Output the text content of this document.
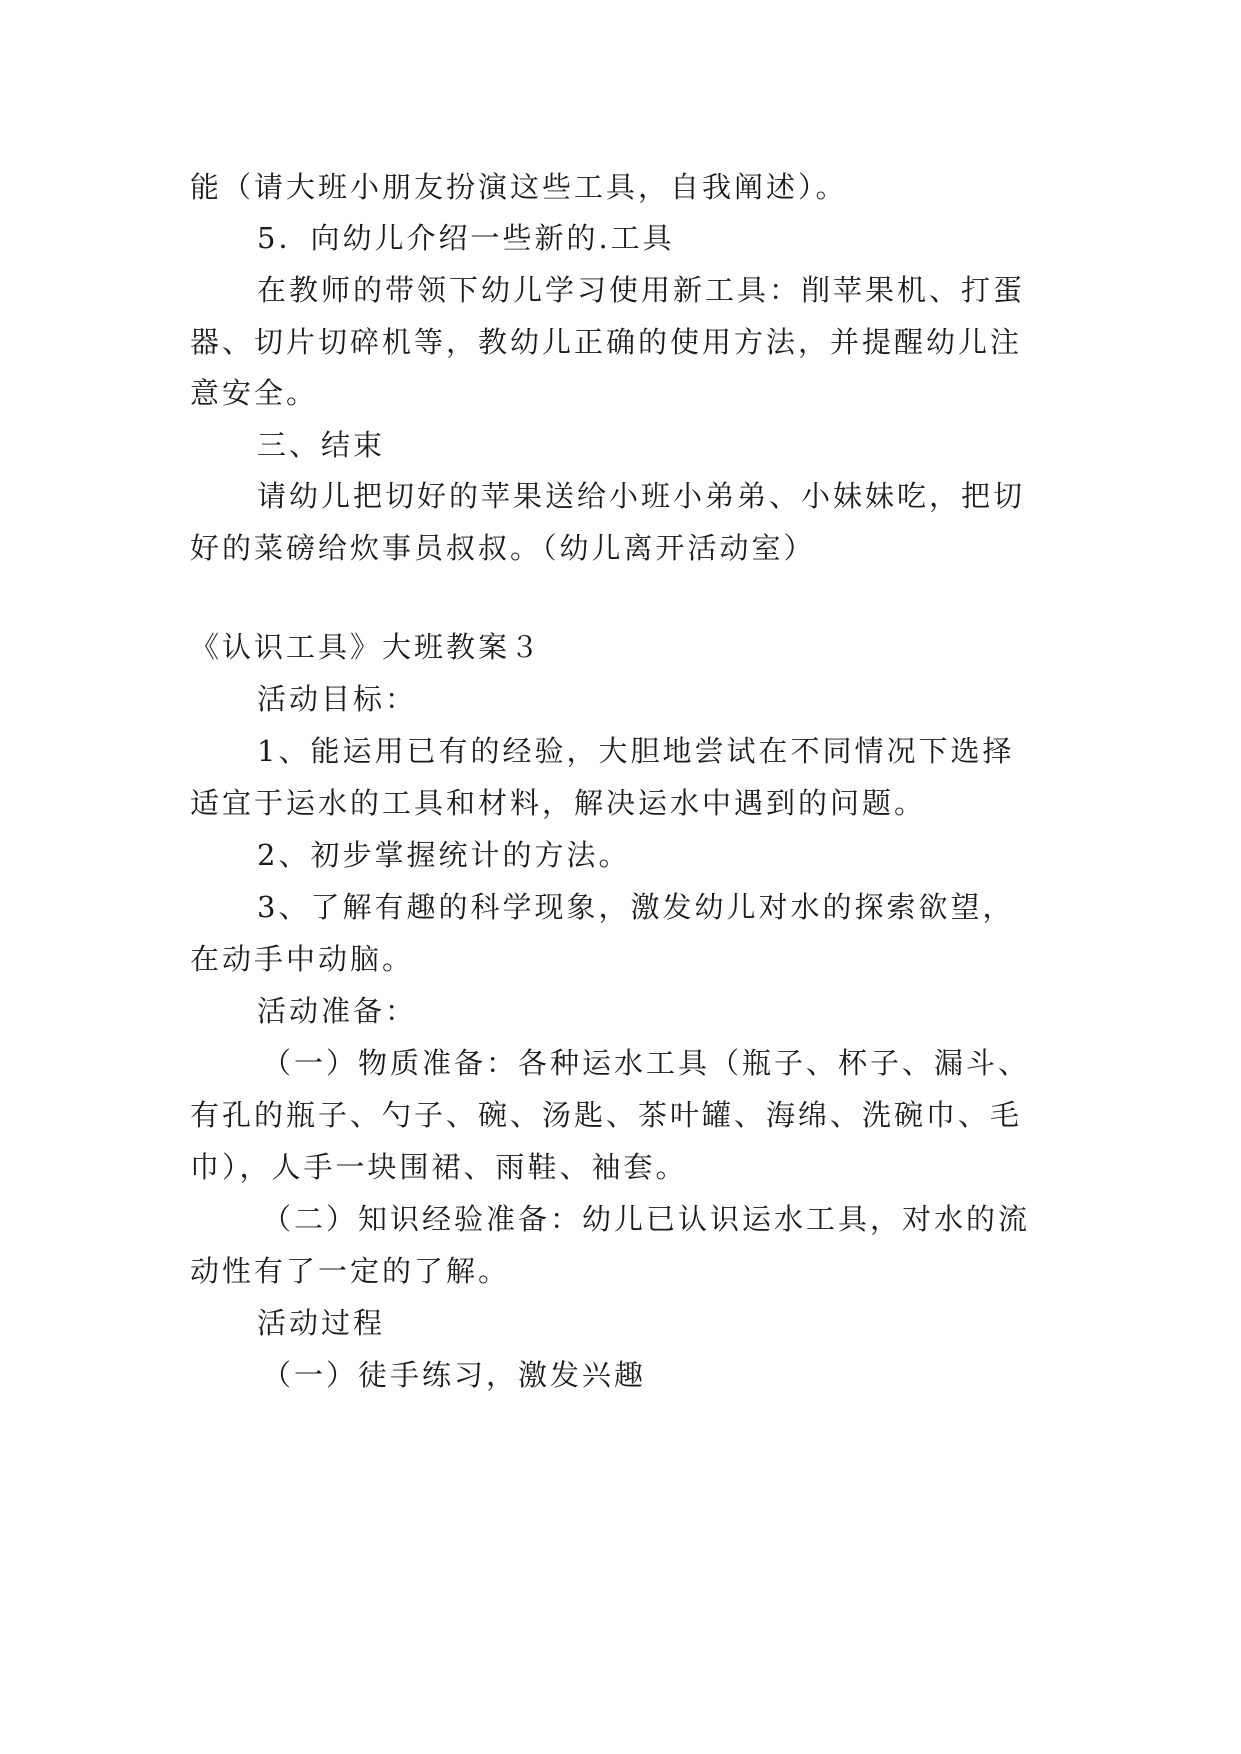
能（请大班小朋友扮演这些工具，自我阐述）。
5．向幼儿介绍一些新的.工具
在教师的带领下幼儿学习使用新工具：削苹果机、打蛋
器、切片切碎机等，教幼儿正确的使用方法，并提醒幼儿注
意安全。
三、结束
请幼儿把切好的苹果送给小班小弟弟、小妹妹吃，把切
好的菜磅给炊事员叔叔。（幼儿离开活动室）
《认识工具》大班教案３
活动目标：
1、能运用已有的经验，大胆地尝试在不同情况下选择
适宜于运水的工具和材料，解决运水中遇到的问题。
2、初步掌握统计的方法。
3、了解有趣的科学现象，激发幼儿对水的探索欲望，
在动手中动脑。
活动准备：
（一）物质准备：各种运水工具（瓶子、杯子、漏斗、
有孔的瓶子、勺子、碗、汤匙、茶叶罐、海绵、洗碗巾、毛
巾），人手一块围裙、雨鞋、袖套。
（二）知识经验准备：幼儿已认识运水工具，对水的流
动性有了一定的了解。
活动过程
（一）徒手练习，激发兴趣
